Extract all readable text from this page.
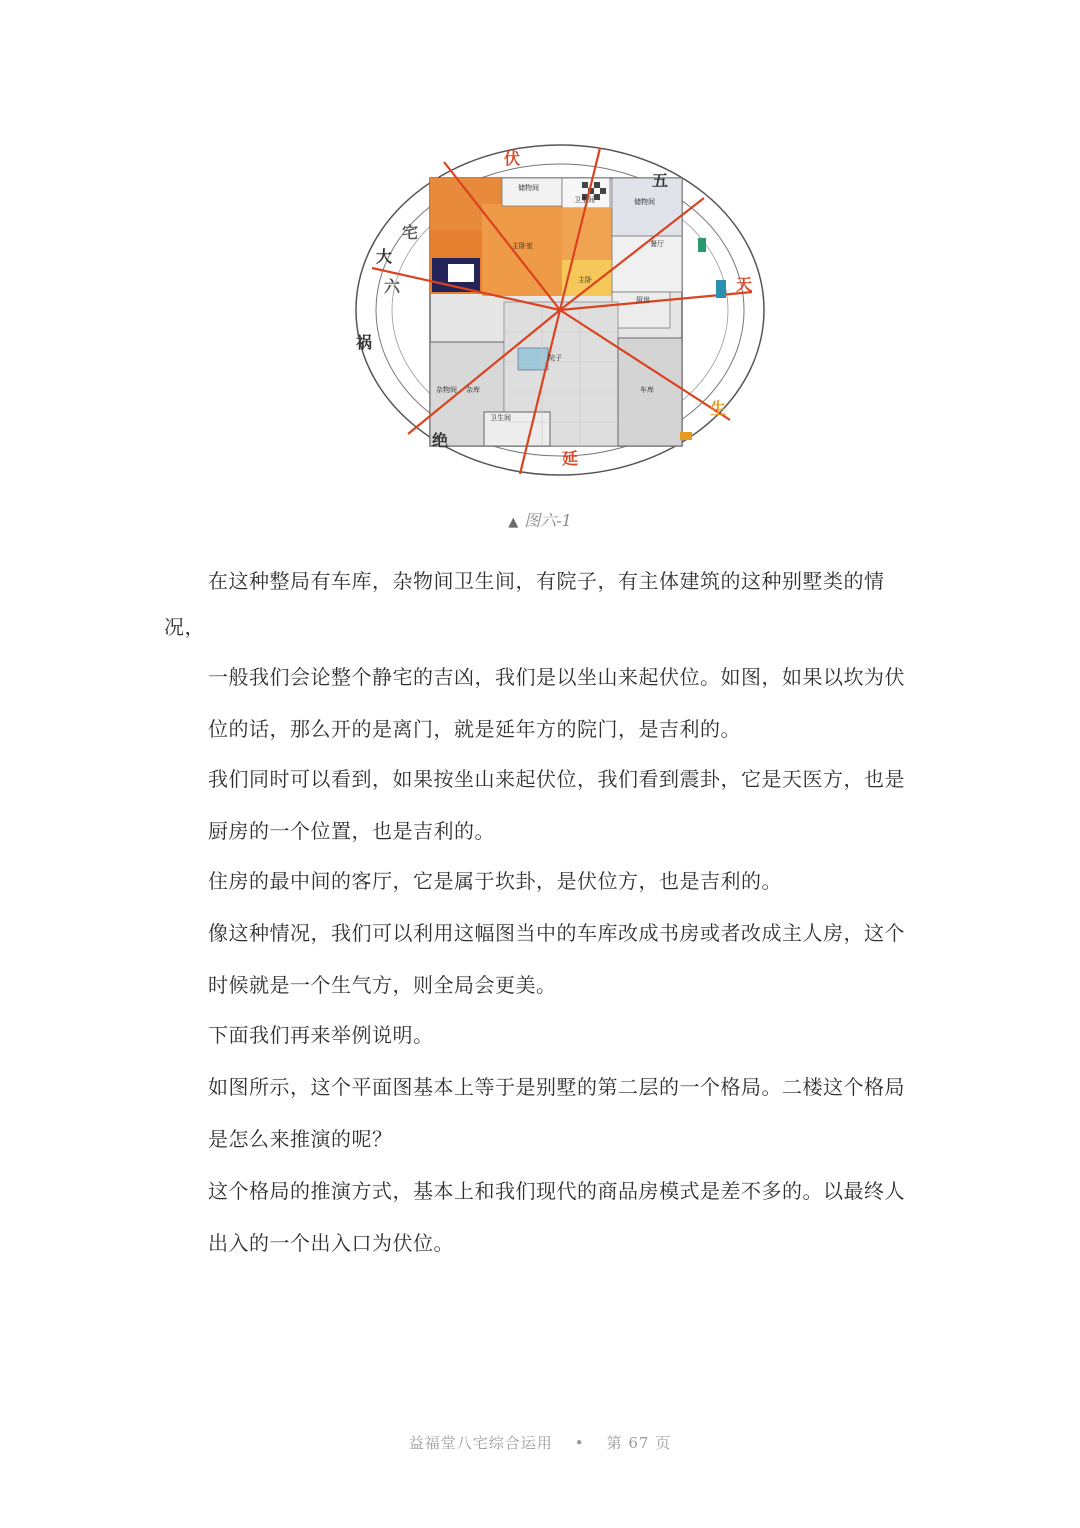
储物间
卫生间	储物间
主卧室	餐厅
主卧
厨房
院子
杂物间 杂库	车库
卫生间
伏
延
生
天
祸
五
六
绝
宅
大
▲ 图六-1
在这种整局有车库，杂物间卫生间，有院子，有主体建筑的这种别墅类的情
况，
一般我们会论整个静宅的吉凶，我们是以坐山来起伏位。如图，如果以坎为伏
位的话，那么开的是离门，就是延年方的院门，是吉利的。
我们同时可以看到，如果按坐山来起伏位，我们看到震卦，它是天医方，也是
厨房的一个位置，也是吉利的。
住房的最中间的客厅，它是属于坎卦，是伏位方，也是吉利的。
像这种情况，我们可以利用这幅图当中的车库改成书房或者改成主人房，这个
时候就是一个生气方，则全局会更美。
下面我们再来举例说明。
如图所示，这个平面图基本上等于是别墅的第二层的一个格局。二楼这个格局
是怎么来推演的呢？
这个格局的推演方式，基本上和我们现代的商品房模式是差不多的。以最终人
出入的一个出入口为伏位。
益福堂八宅综合运用 • 第 67 页
